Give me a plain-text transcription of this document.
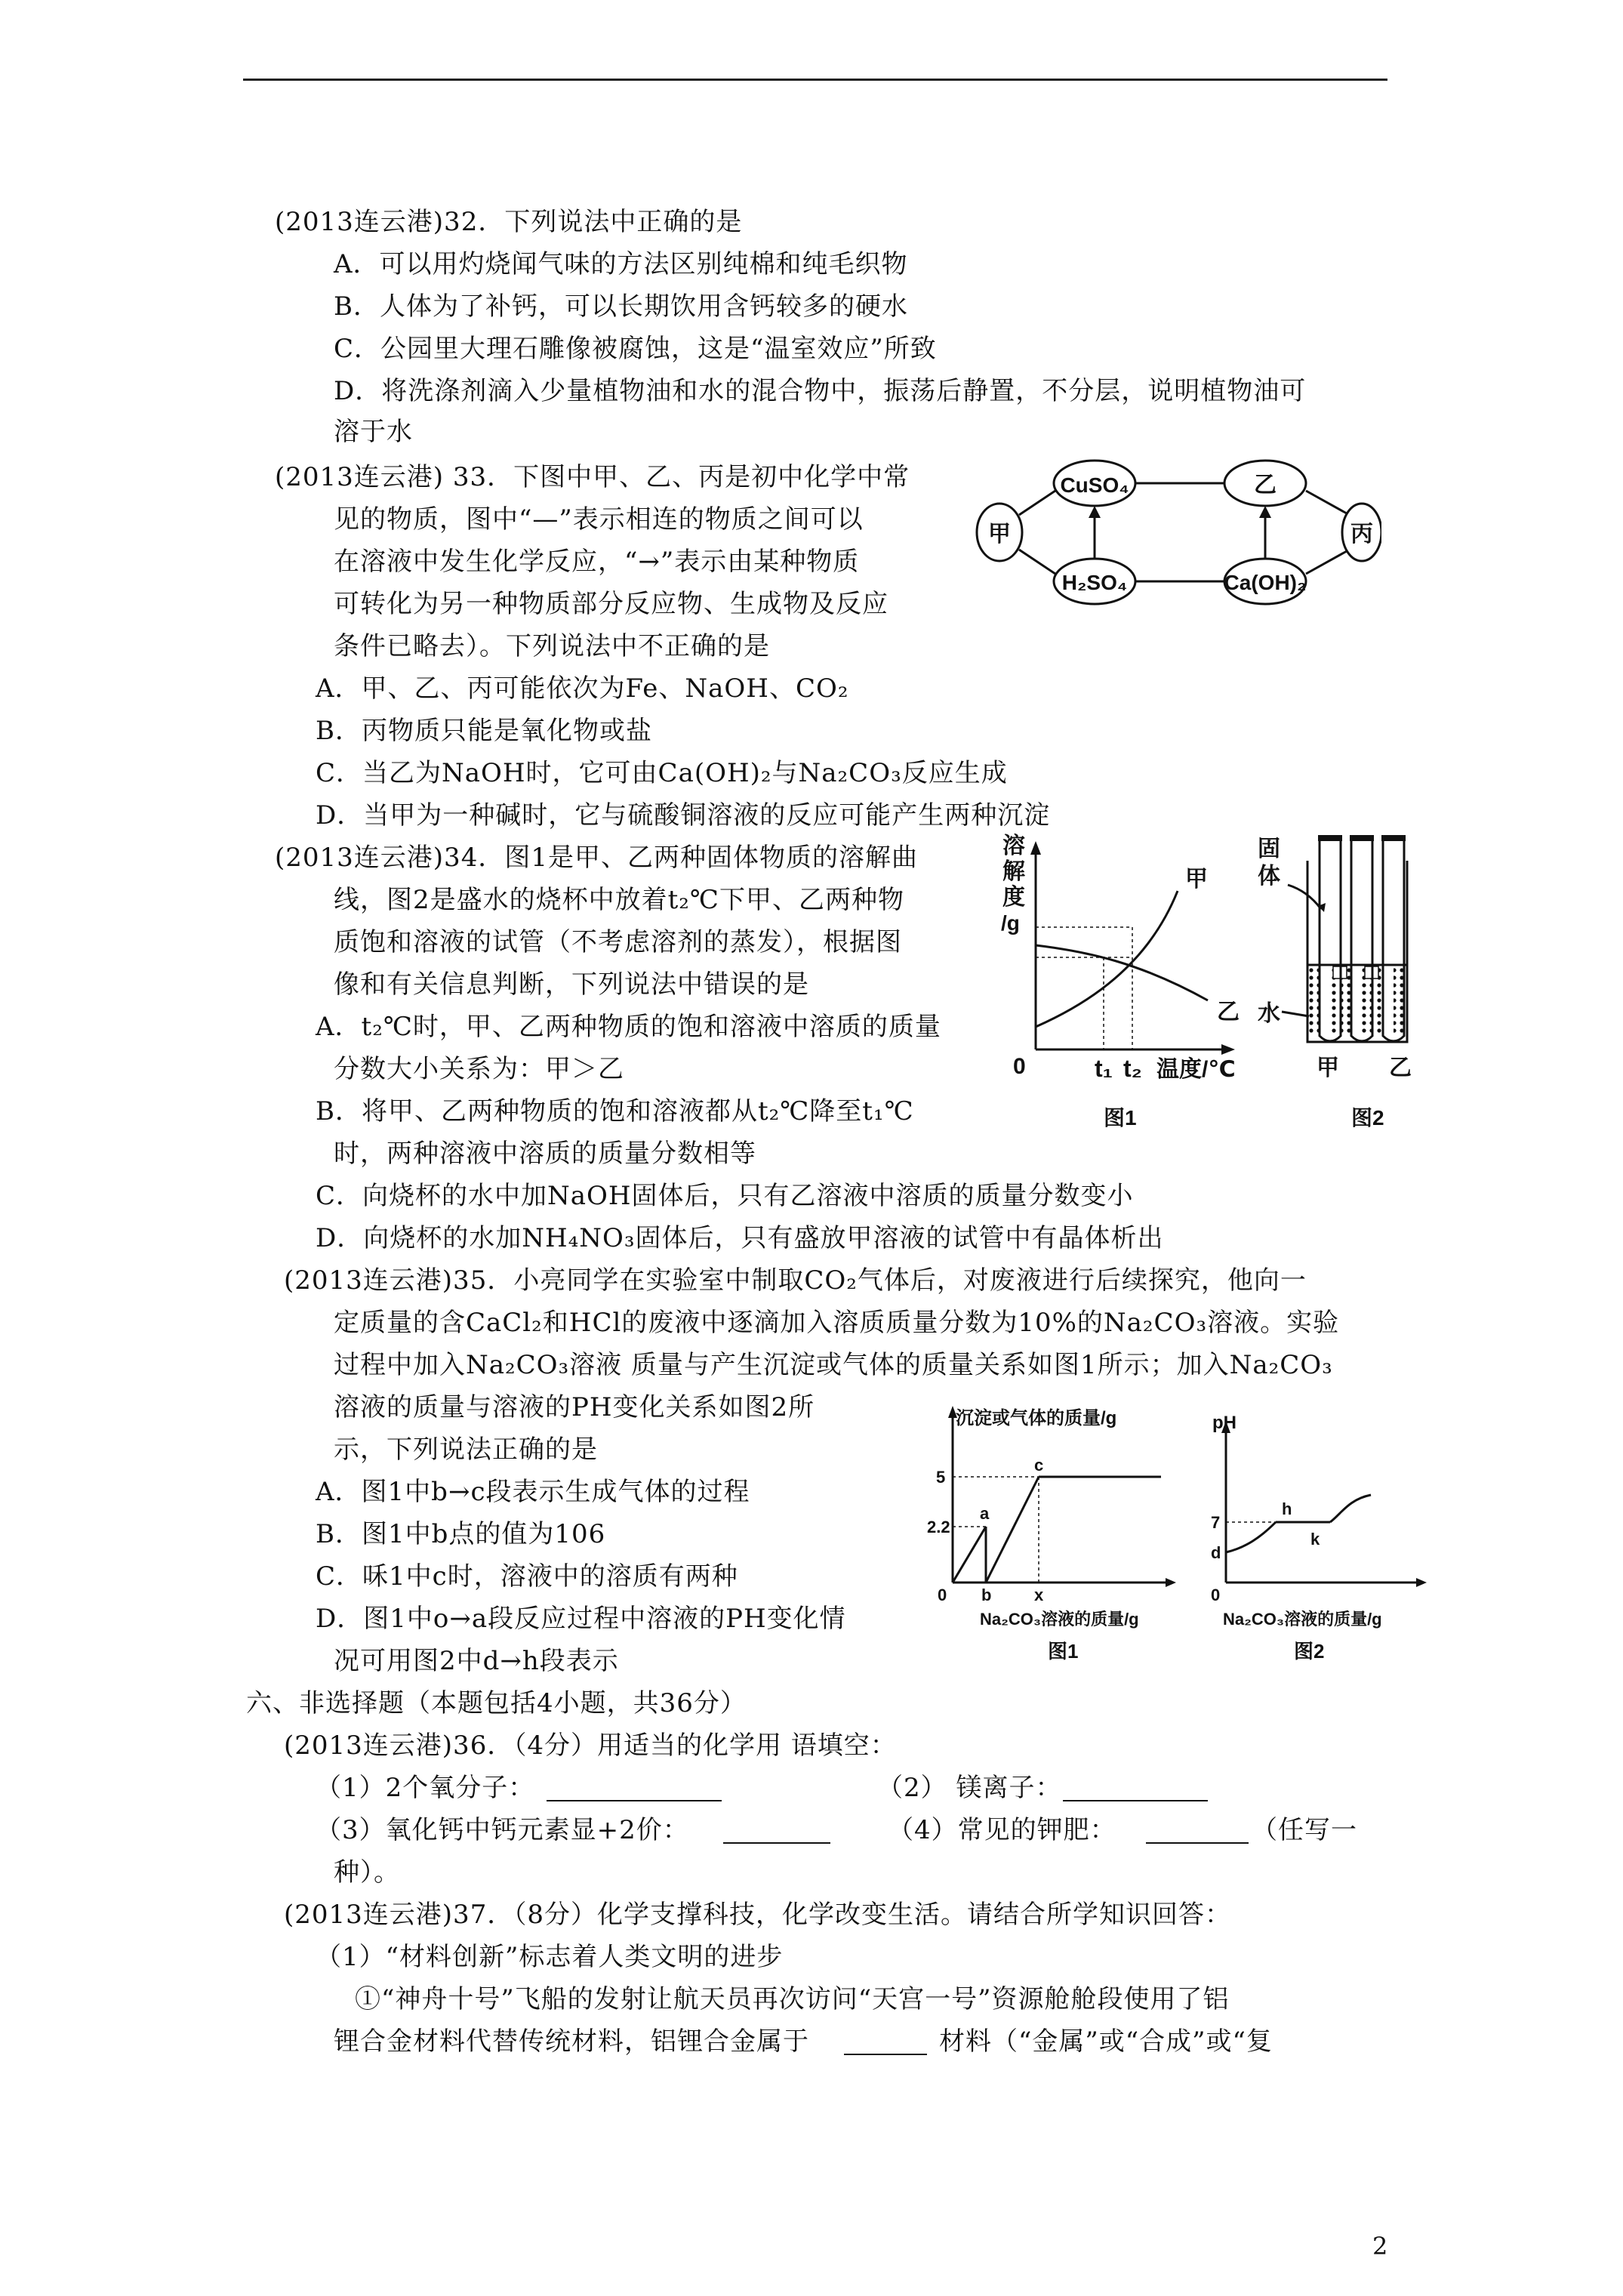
(2013连云港)32．下列说法中正确的是
A．可以用灼烧闻气味的方法区别纯棉和纯毛织物
B．人体为了补钙，可以长期饮用含钙较多的硬水
C．公园里大理石雕像被腐蚀，这是“温室效应”所致
D．将洗涤剂滴入少量植物油和水的混合物中，振荡后静置，不分层，说明植物油可
溶于水
(2013连云港) 33．下图中甲、乙、丙是初中化学中常
见的物质，图中“—”表示相连的物质之间可以
在溶液中发生化学反应，“→”表示由某种物质
可转化为另一种物质部分反应物、生成物及反应
条件已略去）。下列说法中不正确的是
A．甲、乙、丙可能依次为Fe、NaOH、CO₂
B．丙物质只能是氧化物或盐
C．当乙为NaOH时，它可由Ca(OH)₂与Na₂CO₃反应生成
D．当甲为一种碱时，它与硫酸铜溶液的反应可能产生两种沉淀
CuSO₄	乙
甲	丙
H₂SO₄	Ca(OH)₂
(2013连云港)34．图1是甲、乙两种固体物质的溶解曲
线，图2是盛水的烧杯中放着t₂℃下甲、乙两种物
质饱和溶液的试管（不考虑溶剂的蒸发），根据图
像和有关信息判断，下列说法中错误的是
A．t₂℃时，甲、乙两种物质的饱和溶液中溶质的质量
分数大小关系为：甲＞乙
B．将甲、乙两种物质的饱和溶液都从t₂℃降至t₁℃
时，两种溶液中溶质的质量分数相等
C．向烧杯的水中加NaOH固体后，只有乙溶液中溶质的质量分数变小
D．向烧杯的水加NH₄NO₃固体后，只有盛放甲溶液的试管中有晶体析出
溶
解
度
/g
甲
乙
0	t₁ t₂ 温度/℃
图1
固
体
水
甲 乙
图2
(2013连云港)35．小亮同学在实验室中制取CO₂气体后，对废液进行后续探究，他向一
定质量的含CaCl₂和HCl的废液中逐滴加入溶质质量分数为10%的Na₂CO₃溶液。实验
过程中加入Na₂CO₃溶液 质量与产生沉淀或气体的质量关系如图1所示；加入Na₂CO₃
溶液的质量与溶液的PH变化关系如图2所
示，下列说法正确的是
A．图1中b→c段表示生成气体的过程
B．图1中b点的值为106
C．咊1中c时，溶液中的溶质有两种
D．图1中o→a段反应过程中溶液的PH变化情
况可用图2中d→h段表示
沉淀或气体的质量/g
5
2.2
0 b	x
a
c
Na₂CO₃溶液的质量/g
图1
pH
7
d
h
k
0
Na₂CO₃溶液的质量/g
图2
六、非选择题（本题包括4小题，共36分）
(2013连云港)36．（4分）用适当的化学用 语填空：
（1）2个氧分子：	（2） 镁离子：
（3）氧化钙中钙元素显+2价：	（4）常见的钾肥：	（任写一
种）。
(2013连云港)37．（8分）化学支撑科技，化学改变生活。请结合所学知识回答：
（1）“材料创新”标志着人类文明的进步
①“神舟十号”飞船的发射让航天员再次访问“天宫一号”资源舱舱段使用了铝
锂合金材料代替传统材料，铝锂合金属于	材料（“金属”或“合成”或“复
2
